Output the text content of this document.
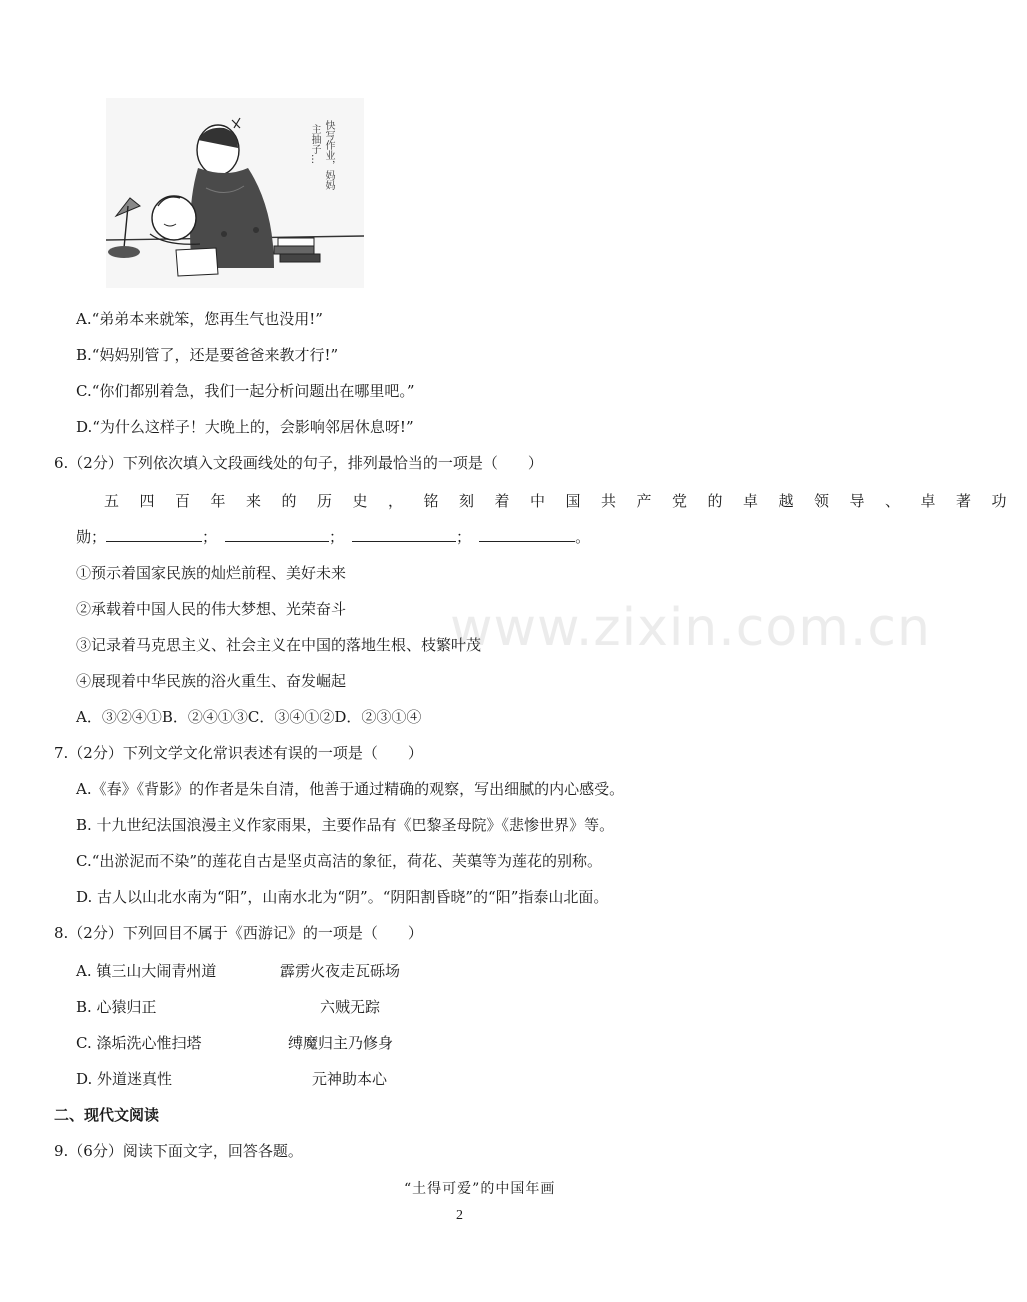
快写作业，妈妈
主抽子…
www.zixin.com.cn
A.“弟弟本来就笨，您再生气也没用!”
B.“妈妈别管了，还是要爸爸来教才行!”
C.“你们都别着急，我们一起分析问题出在哪里吧。”
D.“为什么这样子！大晚上的，会影响邻居休息呀!”
6.（2分）下列依次填入文段画线处的句子，排列最恰当的一项是（　　）
五四百年来的历史，铭刻着中国共产党的卓越领导、卓著功
勋；	；	；	；	。
①预示着国家民族的灿烂前程、美好未来
②承载着中国人民的伟大梦想、光荣奋斗
③记录着马克思主义、社会主义在中国的落地生根、枝繁叶茂
④展现着中华民族的浴火重生、奋发崛起
A．③②④①B．②④①③C．③④①②D．②③①④
7.（2分）下列文学文化常识表述有误的一项是（　　）
A.《春》《背影》的作者是朱自清，他善于通过精确的观察，写出细腻的内心感受。
B. 十九世纪法国浪漫主义作家雨果，主要作品有《巴黎圣母院》《悲惨世界》等。
C.“出淤泥而不染”的莲花自古是坚贞高洁的象征，荷花、芙蕖等为莲花的别称。
D. 古人以山北水南为“阳”，山南水北为“阴”。“阴阳割昏晓”的“阳”指泰山北面。
8.（2分）下列回目不属于《西游记》的一项是（　　）
A. 镇三山大闹青州道	霹雳火夜走瓦砾场
B. 心猿归正	六贼无踪
C. 涤垢洗心惟扫塔	缚魔归主乃修身
D. 外道迷真性	元神助本心
二、现代文阅读
9.（6分）阅读下面文字，回答各题。
“土得可爱”的中国年画
2
